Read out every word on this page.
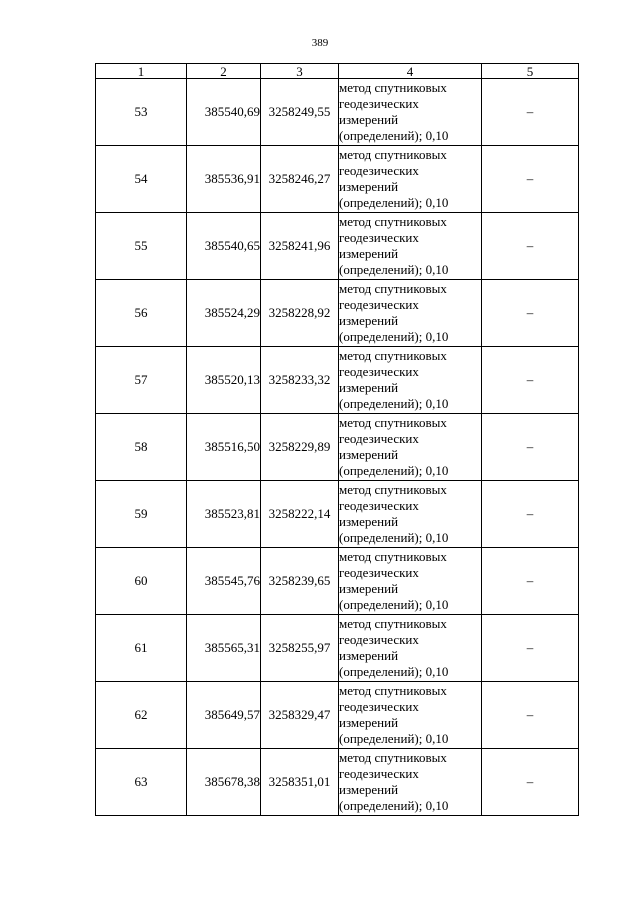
389
1	2	3	4	5
53	385540,69	3258249,55	метод спутниковых
геодезических
измерений
(определений); 0,10	–
54	385536,91	3258246,27	метод спутниковых
геодезических
измерений
(определений); 0,10	–
55	385540,65	3258241,96	метод спутниковых
геодезических
измерений
(определений); 0,10	–
56	385524,29	3258228,92	метод спутниковых
геодезических
измерений
(определений); 0,10	–
57	385520,13	3258233,32	метод спутниковых
геодезических
измерений
(определений); 0,10	–
58	385516,50	3258229,89	метод спутниковых
геодезических
измерений
(определений); 0,10	–
59	385523,81	3258222,14	метод спутниковых
геодезических
измерений
(определений); 0,10	–
60	385545,76	3258239,65	метод спутниковых
геодезических
измерений
(определений); 0,10	–
61	385565,31	3258255,97	метод спутниковых
геодезических
измерений
(определений); 0,10	–
62	385649,57	3258329,47	метод спутниковых
геодезических
измерений
(определений); 0,10	–
63	385678,38	3258351,01	метод спутниковых
геодезических
измерений
(определений); 0,10	–
